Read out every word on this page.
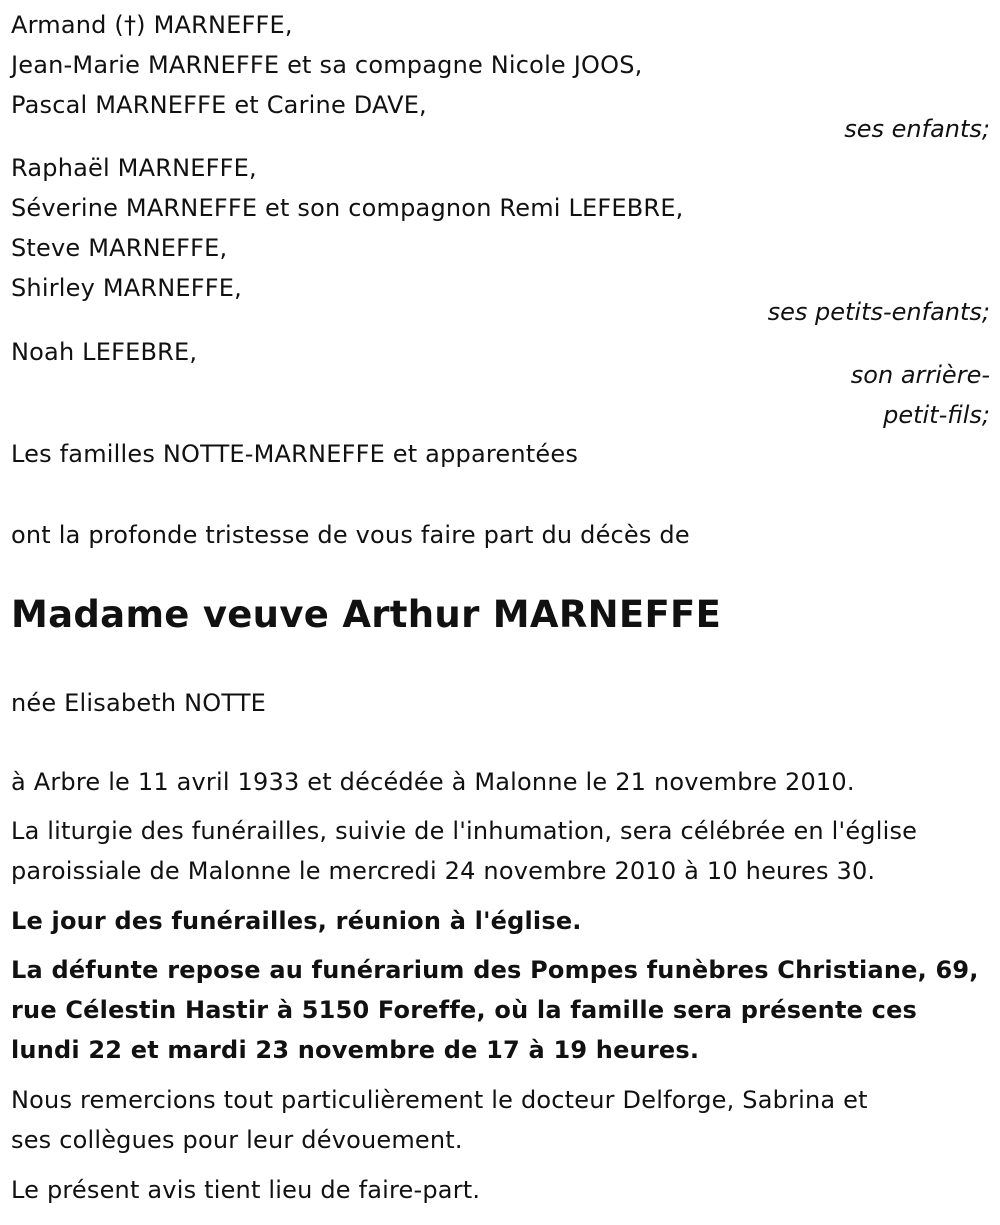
Armand (†) MARNEFFE,
Jean-Marie MARNEFFE et sa compagne Nicole JOOS,
Pascal MARNEFFE et Carine DAVE,
ses enfants;
Raphaël MARNEFFE,
Séverine MARNEFFE et son compagnon Remi LEFEBRE,
Steve MARNEFFE,
Shirley MARNEFFE,
ses petits-enfants;
Noah LEFEBRE,
son arrière-
petit-fils;
Les familles NOTTE-MARNEFFE et apparentées
ont la profonde tristesse de vous faire part du décès de
Madame veuve Arthur MARNEFFE
née Elisabeth NOTTE
à Arbre le 11 avril 1933 et décédée à Malonne le 21 novembre 2010.
La liturgie des funérailles, suivie de l'inhumation, sera célébrée en l'église
paroissiale de Malonne le mercredi 24 novembre 2010 à 10 heures 30.
Le jour des funérailles, réunion à l'église.
La défunte repose au funérarium des Pompes funèbres Christiane, 69,
rue Célestin Hastir à 5150 Foreffe, où la famille sera présente ces
lundi 22 et mardi 23 novembre de 17 à 19 heures.
Nous remercions tout particulièrement le docteur Delforge, Sabrina et
ses collègues pour leur dévouement.
Le présent avis tient lieu de faire-part.
